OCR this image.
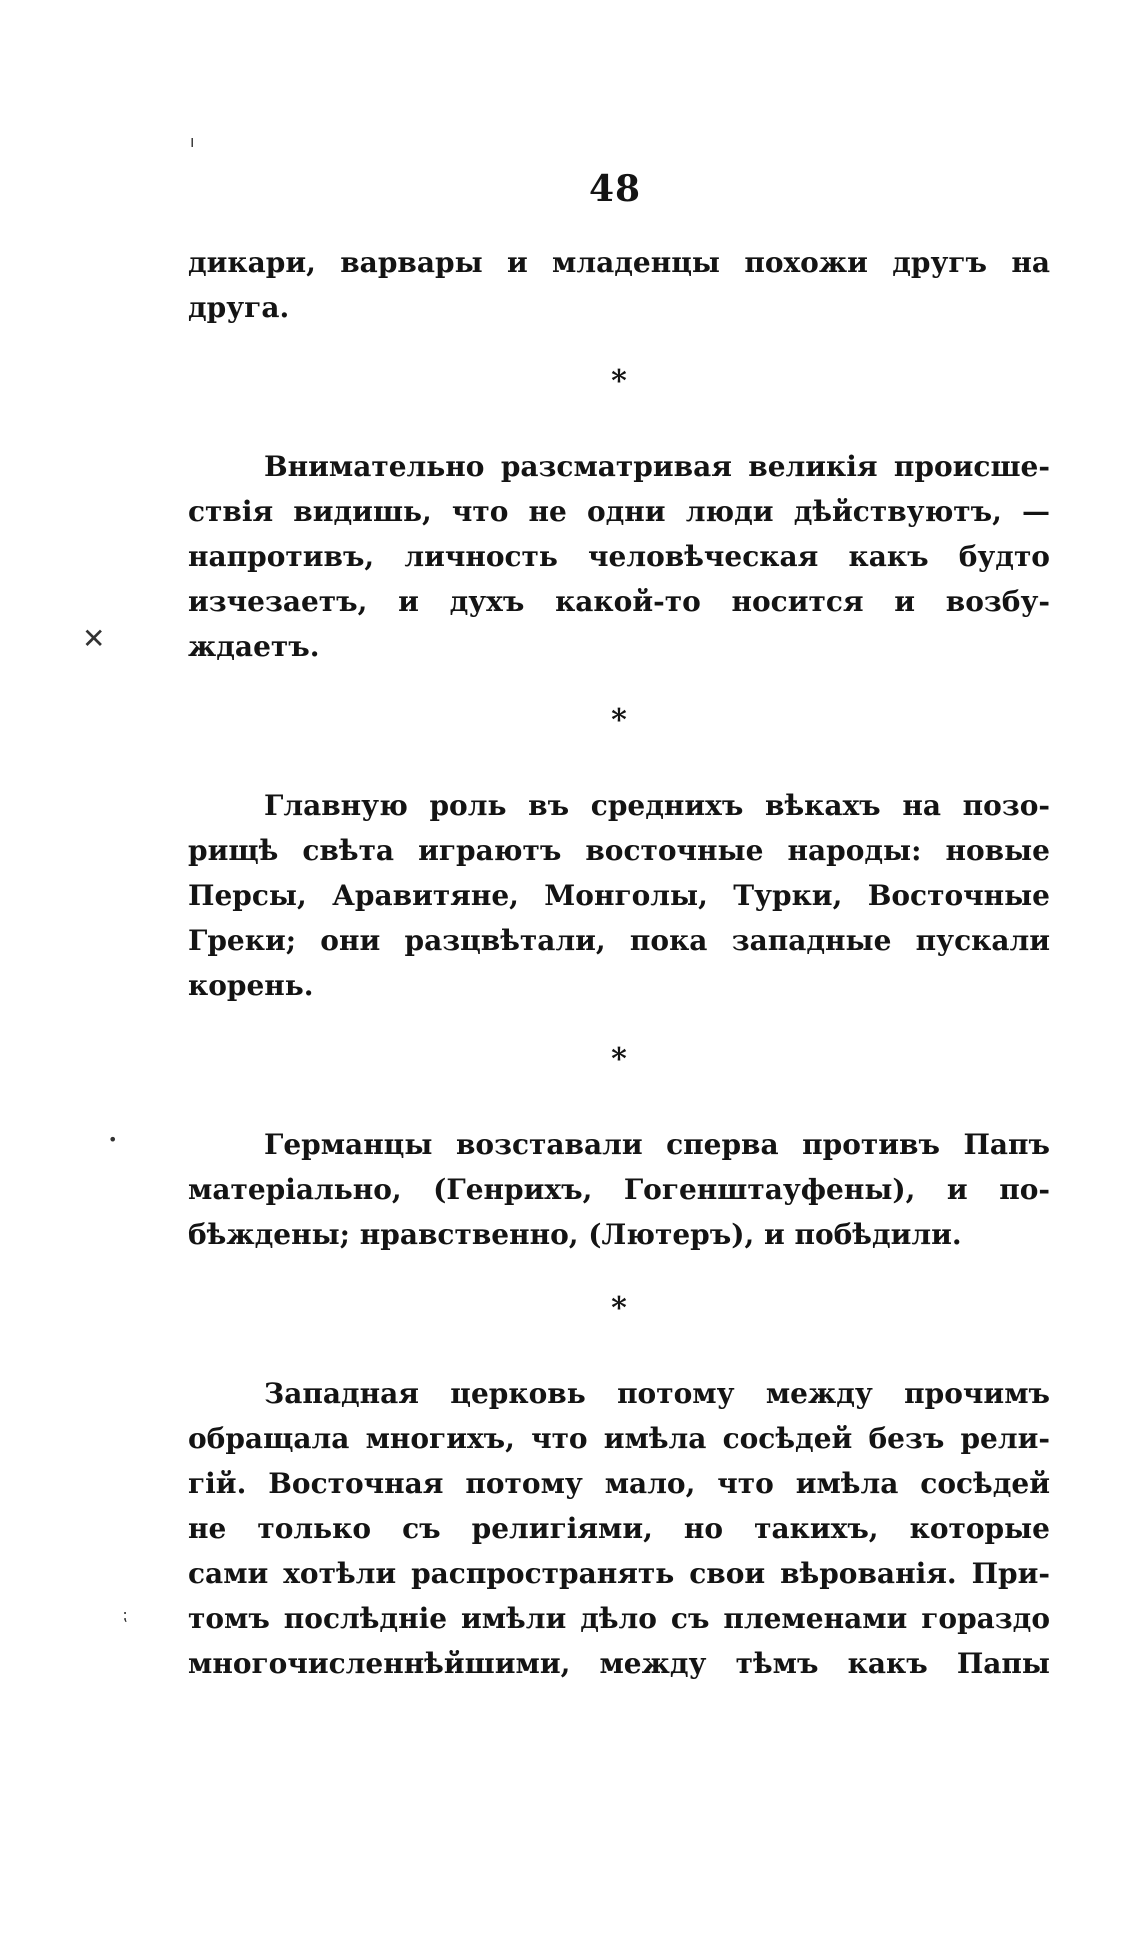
ı
✕
•
⁏
48
дикари, варвары и младенцы похожи другъ на
друга.
*
Внимательно разсматривая великія происше-
ствія видишь, что не одни люди дѣйствуютъ, —
напротивъ, личность человѣческая какъ будто
изчезаетъ, и духъ какой-то носится и возбу-
ждаетъ.
*
Главную роль въ среднихъ вѣкахъ на позо-
рищѣ свѣта играютъ восточные народы: новые
Персы, Аравитяне, Монголы, Турки, Восточные
Греки; они разцвѣтали, пока западные пускали
корень.
*
Германцы возставали сперва противъ Папъ
матеріально, (Генрихъ, Гогенштауфены), и по-
бѣждены; нравственно, (Лютеръ), и побѣдили.
*
Западная церковь потому между прочимъ
обращала многихъ, что имѣла сосѣдей безъ рели-
гій. Восточная потому мало, что имѣла сосѣдей
не только съ религіями, но такихъ, которые
сами хотѣли распространять свои вѣрованія. При-
томъ послѣдніе имѣли дѣло съ племенами гораздо
многочисленнѣйшими, между тѣмъ какъ Папы
